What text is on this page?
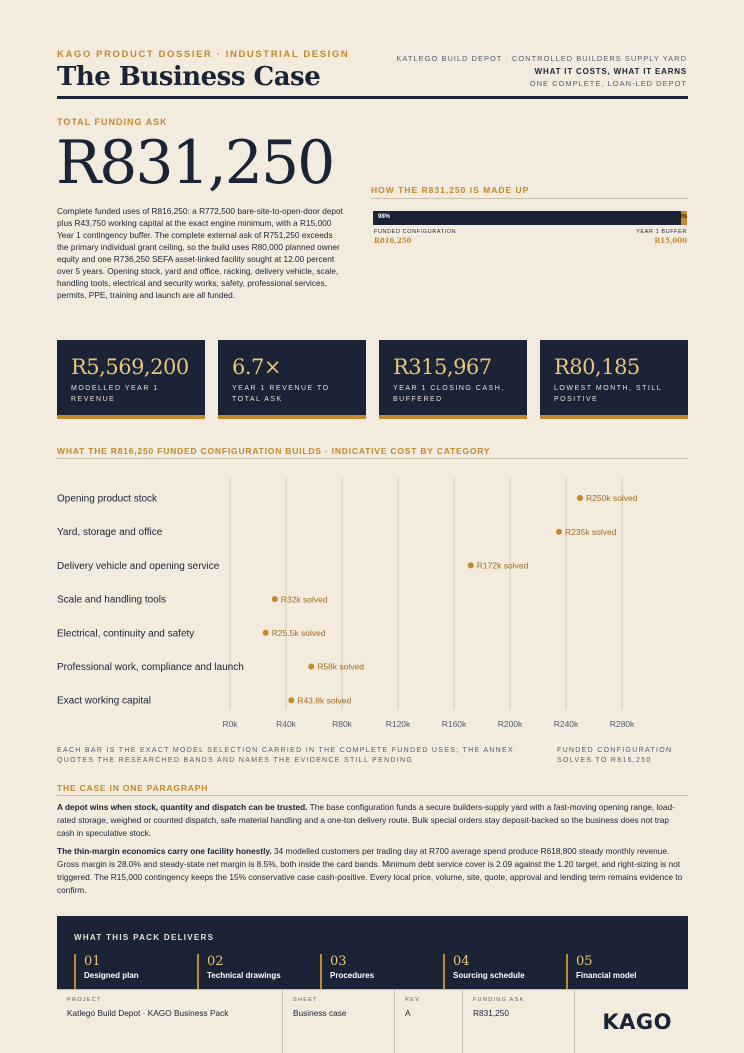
KAGO PRODUCT DOSSIER · INDUSTRIAL DESIGN
The Business Case
KATLEGO BUILD DEPOT · CONTROLLED BUILDERS SUPPLY YARD
WHAT IT COSTS, WHAT IT EARNS
ONE COMPLETE, LOAN-LED DEPOT
TOTAL FUNDING ASK
R831,250
Complete funded uses of R816,250: a R772,500 bare-site-to-open-door depot plus R43,750 working capital at the exact engine minimum, with a R15,000 Year 1 contingency buffer. The complete external ask of R751,250 exceeds the primary individual grant ceiling, so the build uses R80,000 planned owner equity and one R736,250 SEFA asset-linked facility sought at 12.00 percent over 5 years. Opening stock, yard and office, racking, delivery vehicle, scale, handling tools, electrical and security works, safety, professional services, permits, PPE, training and launch are all funded.
HOW THE R831,250 IS MADE UP
98%	2%
FUNDED CONFIGURATION
R816,250
YEAR 1 BUFFER
R15,000
R5,569,200
MODELLED YEAR 1 REVENUE
6.7×
YEAR 1 REVENUE TO TOTAL ASK
R315,967
YEAR 1 CLOSING CASH, BUFFERED
R80,185
LOWEST MONTH, STILL POSITIVE
WHAT THE R816,250 FUNDED CONFIGURATION BUILDS · INDICATIVE COST BY CATEGORY
R0k	R40k	R80k	R120k	R160k	R200k	R240k	R280k
Opening product stock	R250k solved
Yard, storage and office	R235k solved
Delivery vehicle and opening service	R172k solved
Scale and handling tools	R32k solved
Electrical, continuity and safety	R25.5k solved
Professional work, compliance and launch	R58k solved
Exact working capital	R43.8k solved
EACH BAR IS THE EXACT MODEL SELECTION CARRIED IN THE COMPLETE FUNDED USES; THE ANNEX QUOTES THE RESEARCHED BANDS AND NAMES THE EVIDENCE STILL PENDING
FUNDED CONFIGURATION SOLVES TO R816,250
THE CASE IN ONE PARAGRAPH
A depot wins when stock, quantity and dispatch can be trusted. The base configuration funds a secure builders-supply yard with a fast-moving opening range, load-rated storage, weighed or counted dispatch, safe material handling and a one-ton delivery route. Bulk special orders stay deposit-backed so the business does not trap cash in speculative stock.
The thin-margin economics carry one facility honestly. 34 modelled customers per trading day at R700 average spend produce R618,800 steady monthly revenue. Gross margin is 28.0% and steady-state net margin is 8.5%, both inside the card bands. Minimum debt service cover is 2.09 against the 1.20 target, and right-sizing is not triggered. The R15,000 contingency keeps the 15% conservative case cash-positive. Every local price, volume, site, quote, approval and lending term remains evidence to confirm.
WHAT THIS PACK DELIVERS
01
Designed plan
02
Technical drawings
03
Procedures
04
Sourcing schedule
05
Financial model
PROJECT
Katlego Build Depot · KAGO Business Pack
SHEET
Business case
REV
A
FUNDING ASK
R831,250	KAGO
